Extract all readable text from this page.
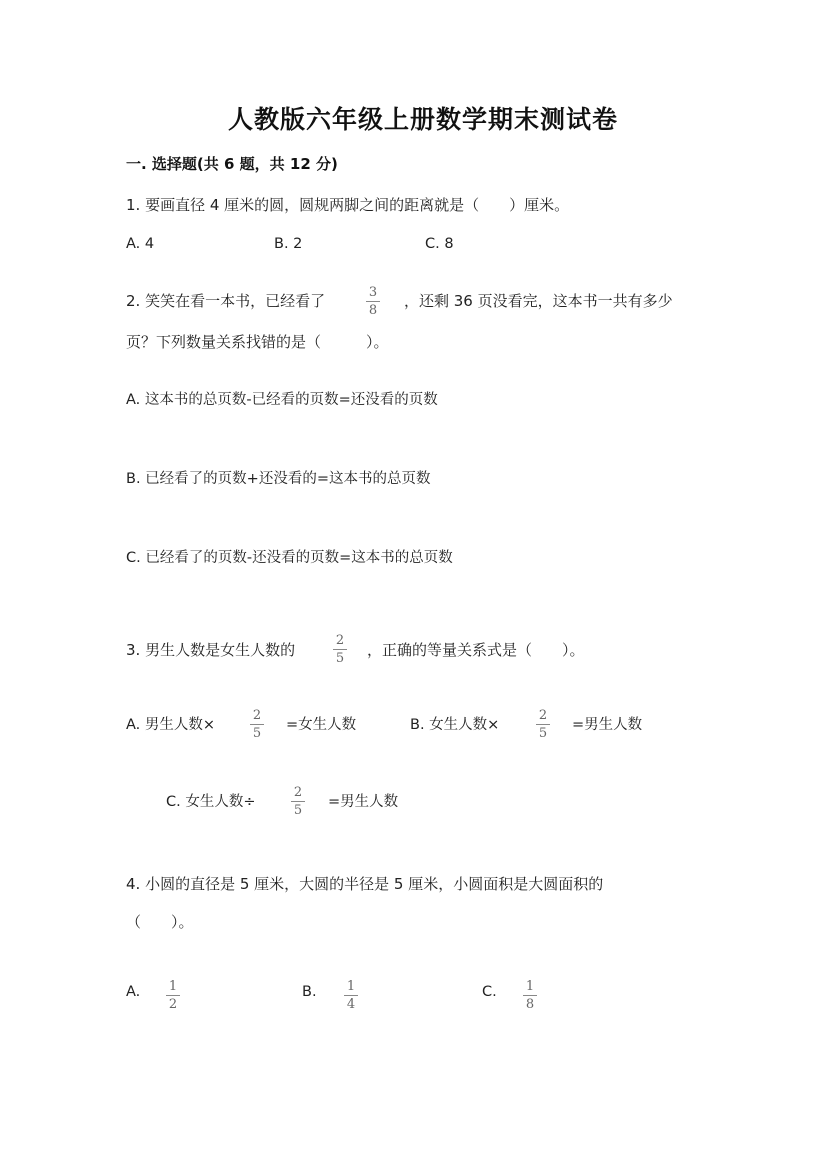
人教版六年级上册数学期末测试卷
一. 选择题(共 6 题，共 12 分)
1. 要画直径 4 厘米的圆，圆规两脚之间的距离就是（　　）厘米。
A. 4	B. 2	C. 8
2. 笑笑在看一本书，已经看了	3
8
，还剩 36 页没看完，这本书一共有多少
页？下列数量关系找错的是（　　　）。
A. 这本书的总页数-已经看的页数=还没看的页数
B. 已经看了的页数+还没看的=这本书的总页数
C. 已经看了的页数-还没看的页数=这本书的总页数
3. 男生人数是女生人数的
2
5 ，正确的等量关系式是（　　）。
A. 男生人数×
2
5
=女生人数	B. 女生人数×
2
5
=男生人数
C. 女生人数÷
2
5
=男生人数
4. 小圆的直径是 5 厘米，大圆的半径是 5 厘米，小圆面积是大圆面积的
（　　）。
A. 1
2
B. 1
4
C. 1
8
